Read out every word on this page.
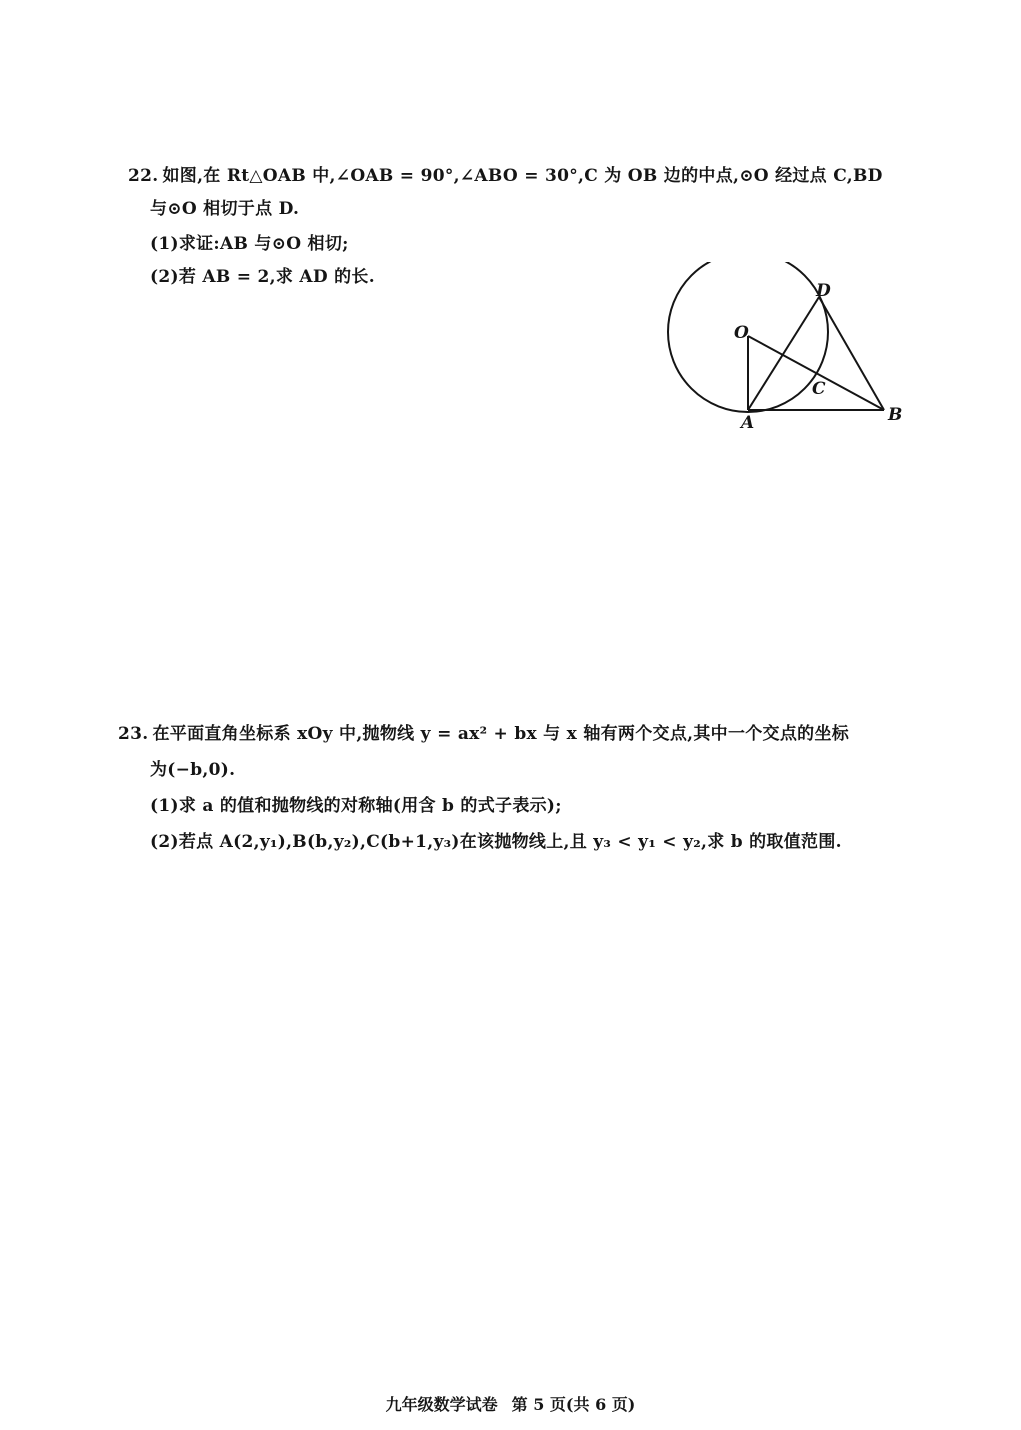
22. 如图,在 Rt△OAB 中,∠OAB = 90°,∠ABO = 30°,C 为 OB 边的中点,⊙O 经过点 C,BD
与⊙O 相切于点 D.
(1)求证:AB 与⊙O 相切;
(2)若 AB = 2,求 AD 的长.
O
A	B
C
D
23. 在平面直角坐标系 xOy 中,抛物线 y = ax² + bx 与 x 轴有两个交点,其中一个交点的坐标
为(−b,0).
(1)求 a 的值和抛物线的对称轴(用含 b 的式子表示);
(2)若点 A(2,y₁),B(b,y₂),C(b+1,y₃)在该抛物线上,且 y₃ < y₁ < y₂,求 b 的取值范围.
九年级数学试卷 第 5 页(共 6 页)
